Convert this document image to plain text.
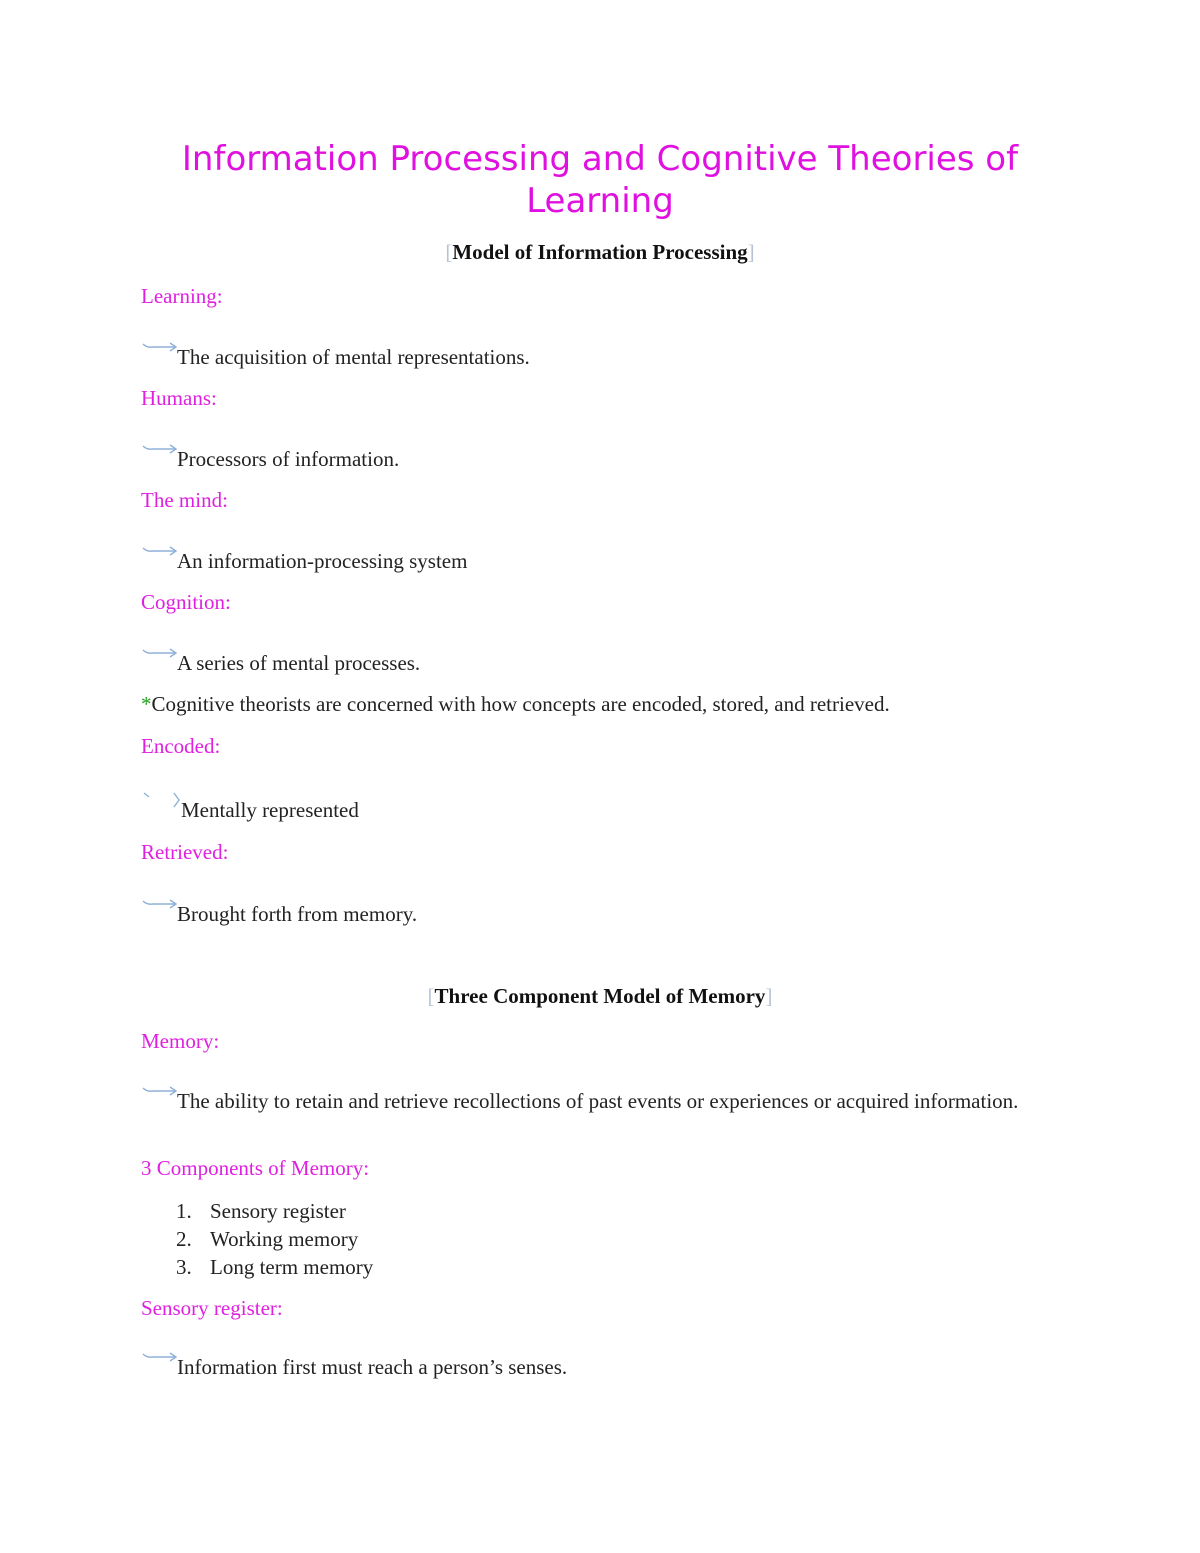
Information Processing and Cognitive Theories of Learning
[Model of Information Processing]
Learning:
The acquisition of mental representations.
Humans:
Processors of information.
The mind:
An information-processing system
Cognition:
A series of mental processes.
*Cognitive theorists are concerned with how concepts are encoded, stored, and retrieved.
Encoded:
Mentally represented
Retrieved:
Brought forth from memory.
[Three Component Model of Memory]
Memory:
The ability to retain and retrieve recollections of past events or experiences or acquired information.
3 Components of Memory:
1. Sensory register
2. Working memory
3. Long term memory
Sensory register:
Information first must reach a person’s senses.
